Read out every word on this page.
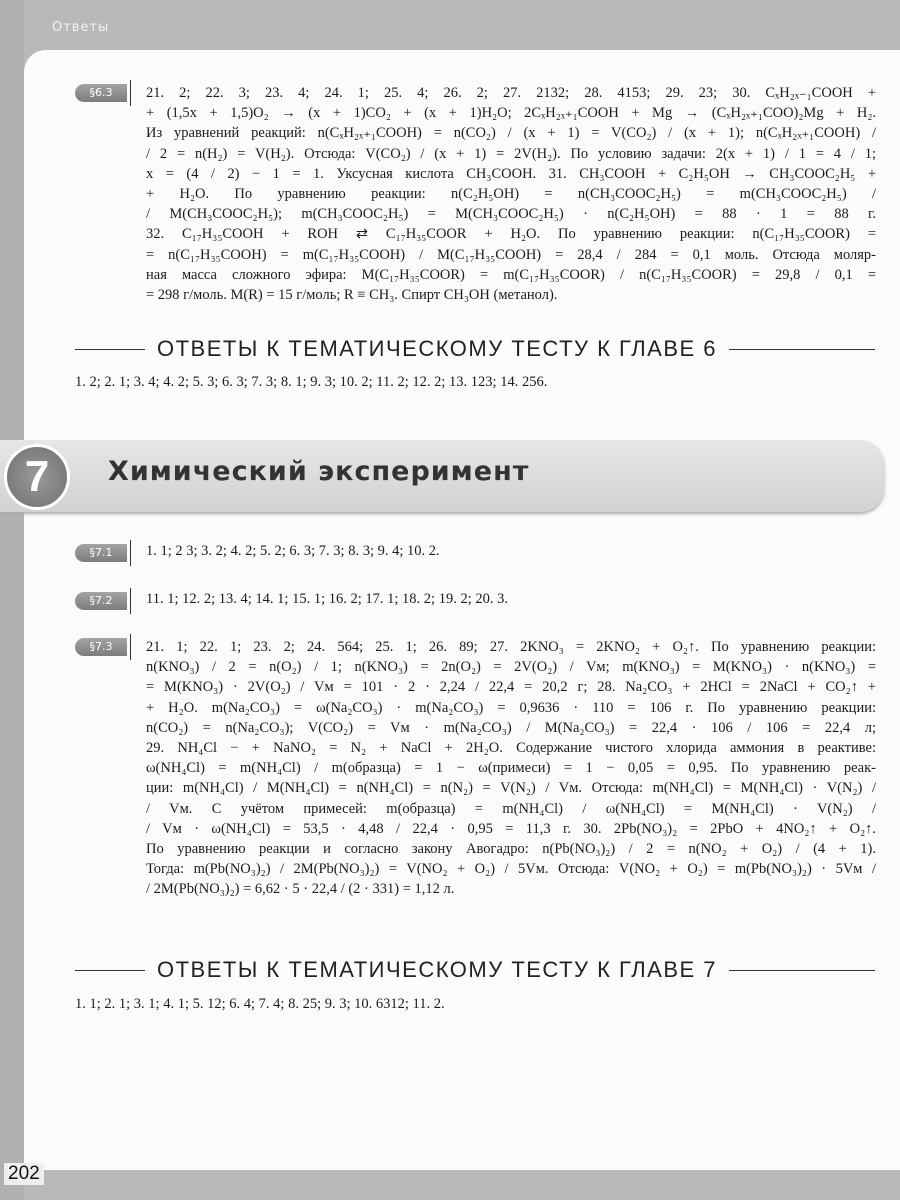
Ответы
§6.3	21. 2; 22. 3; 23. 4; 24. 1; 25. 4; 26. 2; 27. 2132; 28. 4153; 29. 23; 30. CₓH₂ₓ₋₁COOH +
+ (1,5x + 1,5)O₂ → (x + 1)CO₂ + (x + 1)H₂O; 2CₓH₂ₓ₊₁COOH + Mg → (CₓH₂ₓ₊₁COO)₂Mg + H₂.
Из уравнений реакций: n(CₓH₂ₓ₊₁COOH) = n(CO₂) / (x + 1) = V(CO₂) / (x + 1); n(CₓH₂ₓ₊₁COOH) /
/ 2 = n(H₂) = V(H₂). Отсюда: V(CO₂) / (x + 1) = 2V(H₂). По условию задачи: 2(x + 1) / 1 = 4 / 1;
x = (4 / 2) − 1 = 1. Уксусная кислота CH₃COOH. 31. CH₃COOH + C₂H₅OH → CH₃COOC₂H₅ +
+ H₂O. По уравнению реакции: n(C₂H₅OH) = n(CH₃COOC₂H₅) = m(CH₃COOC₂H₅) /
/ M(CH₃COOC₂H₅); m(CH₃COOC₂H₅) = M(CH₃COOC₂H₅) · n(C₂H₅OH) = 88 · 1 = 88 г.
32. C₁₇H₃₅COOH + ROH ⇄ C₁₇H₃₅COOR + H₂O. По уравнению реакции: n(C₁₇H₃₅COOR) =
= n(C₁₇H₃₅COOH) = m(C₁₇H₃₅COOH) / M(C₁₇H₃₅COOH) = 28,4 / 284 = 0,1 моль. Отсюда моляр-
ная масса сложного эфира: M(C₁₇H₃₅COOR) = m(C₁₇H₃₅COOR) / n(C₁₇H₃₅COOR) = 29,8 / 0,1 =
= 298 г/моль. M(R) = 15 г/моль; R ≡ CH₃. Спирт CH₃OH (метанол).
ОТВЕТЫ К ТЕМАТИЧЕСКОМУ ТЕСТУ К ГЛАВЕ 6
1. 2; 2. 1; 3. 4; 4. 2; 5. 3; 6. 3; 7. 3; 8. 1; 9. 3; 10. 2; 11. 2; 12. 2; 13. 123; 14. 256.
7	Химический эксперимент
§7.1	1. 1; 2 3; 3. 2; 4. 2; 5. 2; 6. 3; 7. 3; 8. 3; 9. 4; 10. 2.
§7.2	11. 1; 12. 2; 13. 4; 14. 1; 15. 1; 16. 2; 17. 1; 18. 2; 19. 2; 20. 3.
§7.3	21. 1; 22. 1; 23. 2; 24. 564; 25. 1; 26. 89; 27. 2KNO₃ = 2KNO₂ + O₂↑. По уравнению реакции:
n(KNO₃) / 2 = n(O₂) / 1; n(KNO₃) = 2n(O₂) = 2V(O₂) / Vм; m(KNO₃) = M(KNO₃) · n(KNO₃) =
= M(KNO₃) · 2V(O₂) / Vм = 101 · 2 · 2,24 / 22,4 = 20,2 г; 28. Na₂CO₃ + 2HCl = 2NaCl + CO₂↑ +
+ H₂O. m(Na₂CO₃) = ω(Na₂CO₃) · m(Na₂CO₃) = 0,9636 · 110 = 106 г. По уравнению реакции:
n(CO₂) = n(Na₂CO₃); V(CO₂) = Vм · m(Na₂CO₃) / M(Na₂CO₃) = 22,4 · 106 / 106 = 22,4 л;
29. NH₄Cl − + NaNO₂ = N₂ + NaCl + 2H₂O. Содержание чистого хлорида аммония в реактиве:
ω(NH₄Cl) = m(NH₄Cl) / m(образца) = 1 − ω(примеси) = 1 − 0,05 = 0,95. По уравнению реак-
ции: m(NH₄Cl) / M(NH₄Cl) = n(NH₄Cl) = n(N₂) = V(N₂) / Vм. Отсюда: m(NH₄Cl) = M(NH₄Cl) · V(N₂) /
/ Vм. С учётом примесей: m(образца) = m(NH₄Cl) / ω(NH₄Cl) = M(NH₄Cl) · V(N₂) /
/ Vм · ω(NH₄Cl) = 53,5 · 4,48 / 22,4 · 0,95 = 11,3 г. 30. 2Pb(NO₃)₂ = 2PbO + 4NO₂↑ + O₂↑.
По уравнению реакции и согласно закону Авогадро: n(Pb(NO₃)₂) / 2 = n(NO₂ + O₂) / (4 + 1).
Тогда: m(Pb(NO₃)₂) / 2M(Pb(NO₃)₂) = V(NO₂ + O₂) / 5Vм. Отсюда: V(NO₂ + O₂) = m(Pb(NO₃)₂) · 5Vм /
/ 2M(Pb(NO₃)₂) = 6,62 · 5 · 22,4 / (2 · 331) = 1,12 л.
ОТВЕТЫ К ТЕМАТИЧЕСКОМУ ТЕСТУ К ГЛАВЕ 7
1. 1; 2. 1; 3. 1; 4. 1; 5. 12; 6. 4; 7. 4; 8. 25; 9. 3; 10. 6312; 11. 2.
202
